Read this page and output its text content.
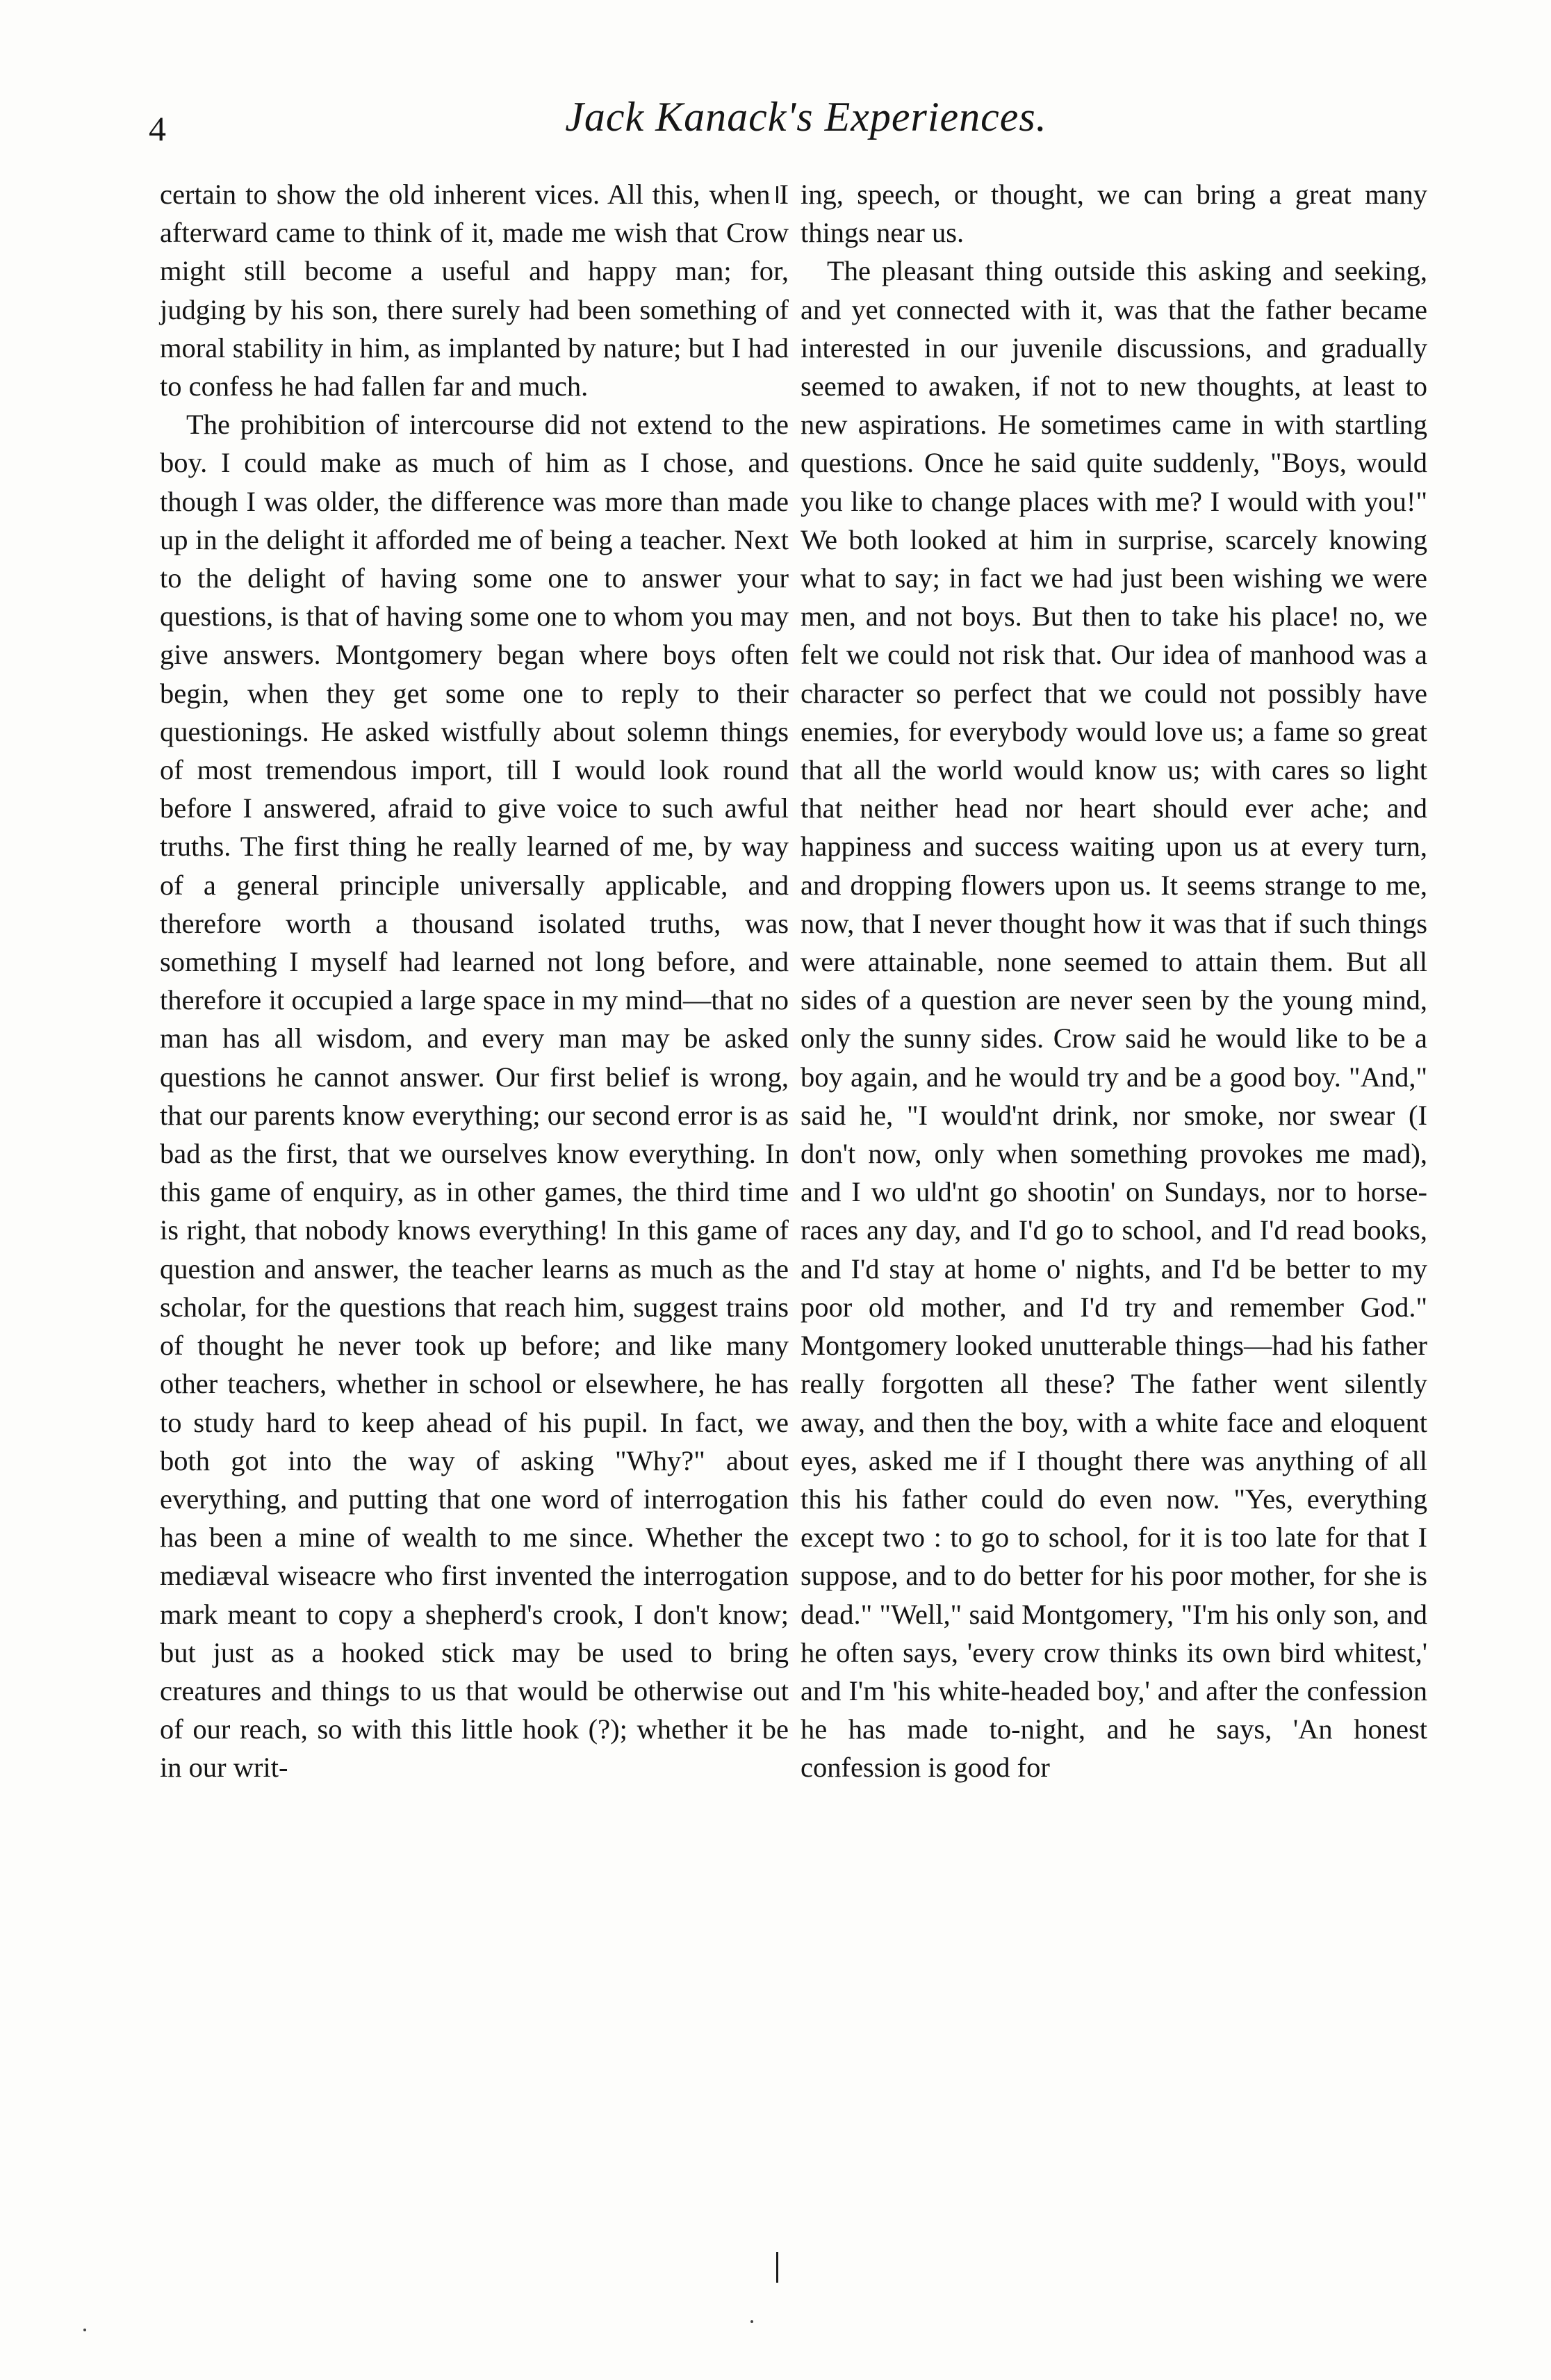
4	Jack Kanack's Experiences.

certain to show the old inherent vices. All this, when I afterward came to think of it, made me wish that Crow might still become a useful and happy man; for, judging by his son, there surely had been something of moral stability in him, as implanted by nature; but I had to confess he had fallen far and much.

The prohibition of intercourse did not extend to the boy. I could make as much of him as I chose, and though I was older, the difference was more than made up in the delight it afforded me of being a teacher. Next to the delight of having some one to answer your questions, is that of having some one to whom you may give answers. Montgomery began where boys often begin, when they get some one to reply to their questionings. He asked wistfully about solemn things of most tremendous import, till I would look round before I answered, afraid to give voice to such awful truths. The first thing he really learned of me, by way of a general principle universally applicable, and therefore worth a thousand isolated truths, was something I myself had learned not long before, and therefore it occupied a large space in my mind—that no man has all wisdom, and every man may be asked questions he cannot answer. Our first belief is wrong, that our parents know everything; our second error is as bad as the first, that we ourselves know everything. In this game of enquiry, as in other games, the third time is right, that nobody knows everything! In this game of question and answer, the teacher learns as much as the scholar, for the questions that reach him, suggest trains of thought he never took up before; and like many other teachers, whether in school or elsewhere, he has to study hard to keep ahead of his pupil. In fact, we both got into the way of asking "Why?" about everything, and putting that one word of interrogation has been a mine of wealth to me since. Whether the mediæval wiseacre who first invented the interrogation mark meant to copy a shepherd's crook, I don't know; but just as a hooked stick may be used to bring creatures and things to us that would be otherwise out of our reach, so with this little hook (?); whether it be in our writ-

ing, speech, or thought, we can bring a great many things near us.

The pleasant thing outside this asking and seeking, and yet connected with it, was that the father became interested in our juvenile discussions, and gradually seemed to awaken, if not to new thoughts, at least to new aspirations. He sometimes came in with startling questions. Once he said quite suddenly, "Boys, would you like to change places with me? I would with you!" We both looked at him in surprise, scarcely knowing what to say; in fact we had just been wishing we were men, and not boys. But then to take his place! no, we felt we could not risk that. Our idea of manhood was a character so perfect that we could not possibly have enemies, for everybody would love us; a fame so great that all the world would know us; with cares so light that neither head nor heart should ever ache; and happiness and success waiting upon us at every turn, and dropping flowers upon us. It seems strange to me, now, that I never thought how it was that if such things were attainable, none seemed to attain them. But all sides of a question are never seen by the young mind, only the sunny sides. Crow said he would like to be a boy again, and he would try and be a good boy. "And," said he, "I would'nt drink, nor smoke, nor swear (I don't now, only when something provokes me mad), and I wo uld'nt go shootin' on Sundays, nor to horse-races any day, and I'd go to school, and I'd read books, and I'd stay at home o' nights, and I'd be better to my poor old mother, and I'd try and remember God." Montgomery looked unutterable things—had his father really forgotten all these? The father went silently away, and then the boy, with a white face and eloquent eyes, asked me if I thought there was anything of all this his father could do even now. "Yes, everything except two : to go to school, for it is too late for that I suppose, and to do better for his poor mother, for she is dead." "Well," said Montgomery, "I'm his only son, and he often says, 'every crow thinks its own bird whitest,' and I'm 'his white-headed boy,' and after the confession he has made to-night, and he says, 'An honest confession is good for
